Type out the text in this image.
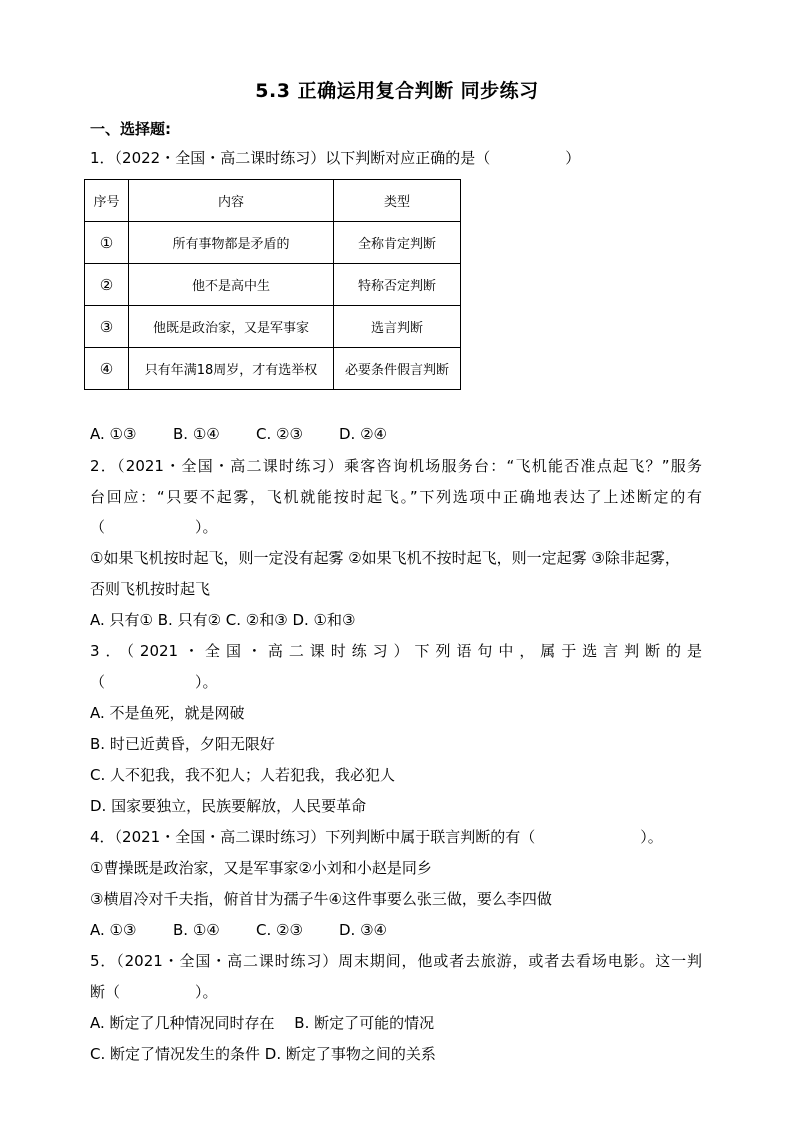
5.3 正确运用复合判断 同步练习
一、选择题:
1．（2022・全国・高二课时练习）以下判断对应正确的是（　　　　　）
序号	内容	类型
①	所有事物都是矛盾的	全称肯定判断
②	他不是高中生	特称否定判断
③	他既是政治家，又是军事家	选言判断
④	只有年满18周岁，才有选举权	必要条件假言判断
A. ①③ B. ①④ C. ②③ D. ②④
2．（2021・全国・高二课时练习）乘客咨询机场服务台：“飞机能否准点起飞？”服务
台回应：“只要不起雾，飞机就能按时起飞。”下列选项中正确地表达了上述断定的有
（　　　　　　）。
①如果飞机按时起飞，则一定没有起雾 ②如果飞机不按时起飞，则一定起雾 ③除非起雾，
否则飞机按时起飞
A. 只有① B. 只有② C. ②和③ D. ①和③
3．（2021・全国・高二课时练习）下列语句中，属于选言判断的是
（　　　　　　）。
A. 不是鱼死，就是网破
B. 时已近黄昏，夕阳无限好
C. 人不犯我，我不犯人；人若犯我，我必犯人
D. 国家要独立，民族要解放，人民要革命
4．（2021・全国・高二课时练习）下列判断中属于联言判断的有（　　　　　　　）。
①曹操既是政治家，又是军事家②小刘和小赵是同乡
③横眉冷对千夫指，俯首甘为孺子牛④这件事要么张三做，要么李四做
A. ①③ B. ①④ C. ②③ D. ③④
5．（2021・全国・高二课时练习）周末期间，他或者去旅游，或者去看场电影。这一判
断（　　　　　）。
A. 断定了几种情况同时存在　 B. 断定了可能的情况
C. 断定了情况发生的条件 D. 断定了事物之间的关系
